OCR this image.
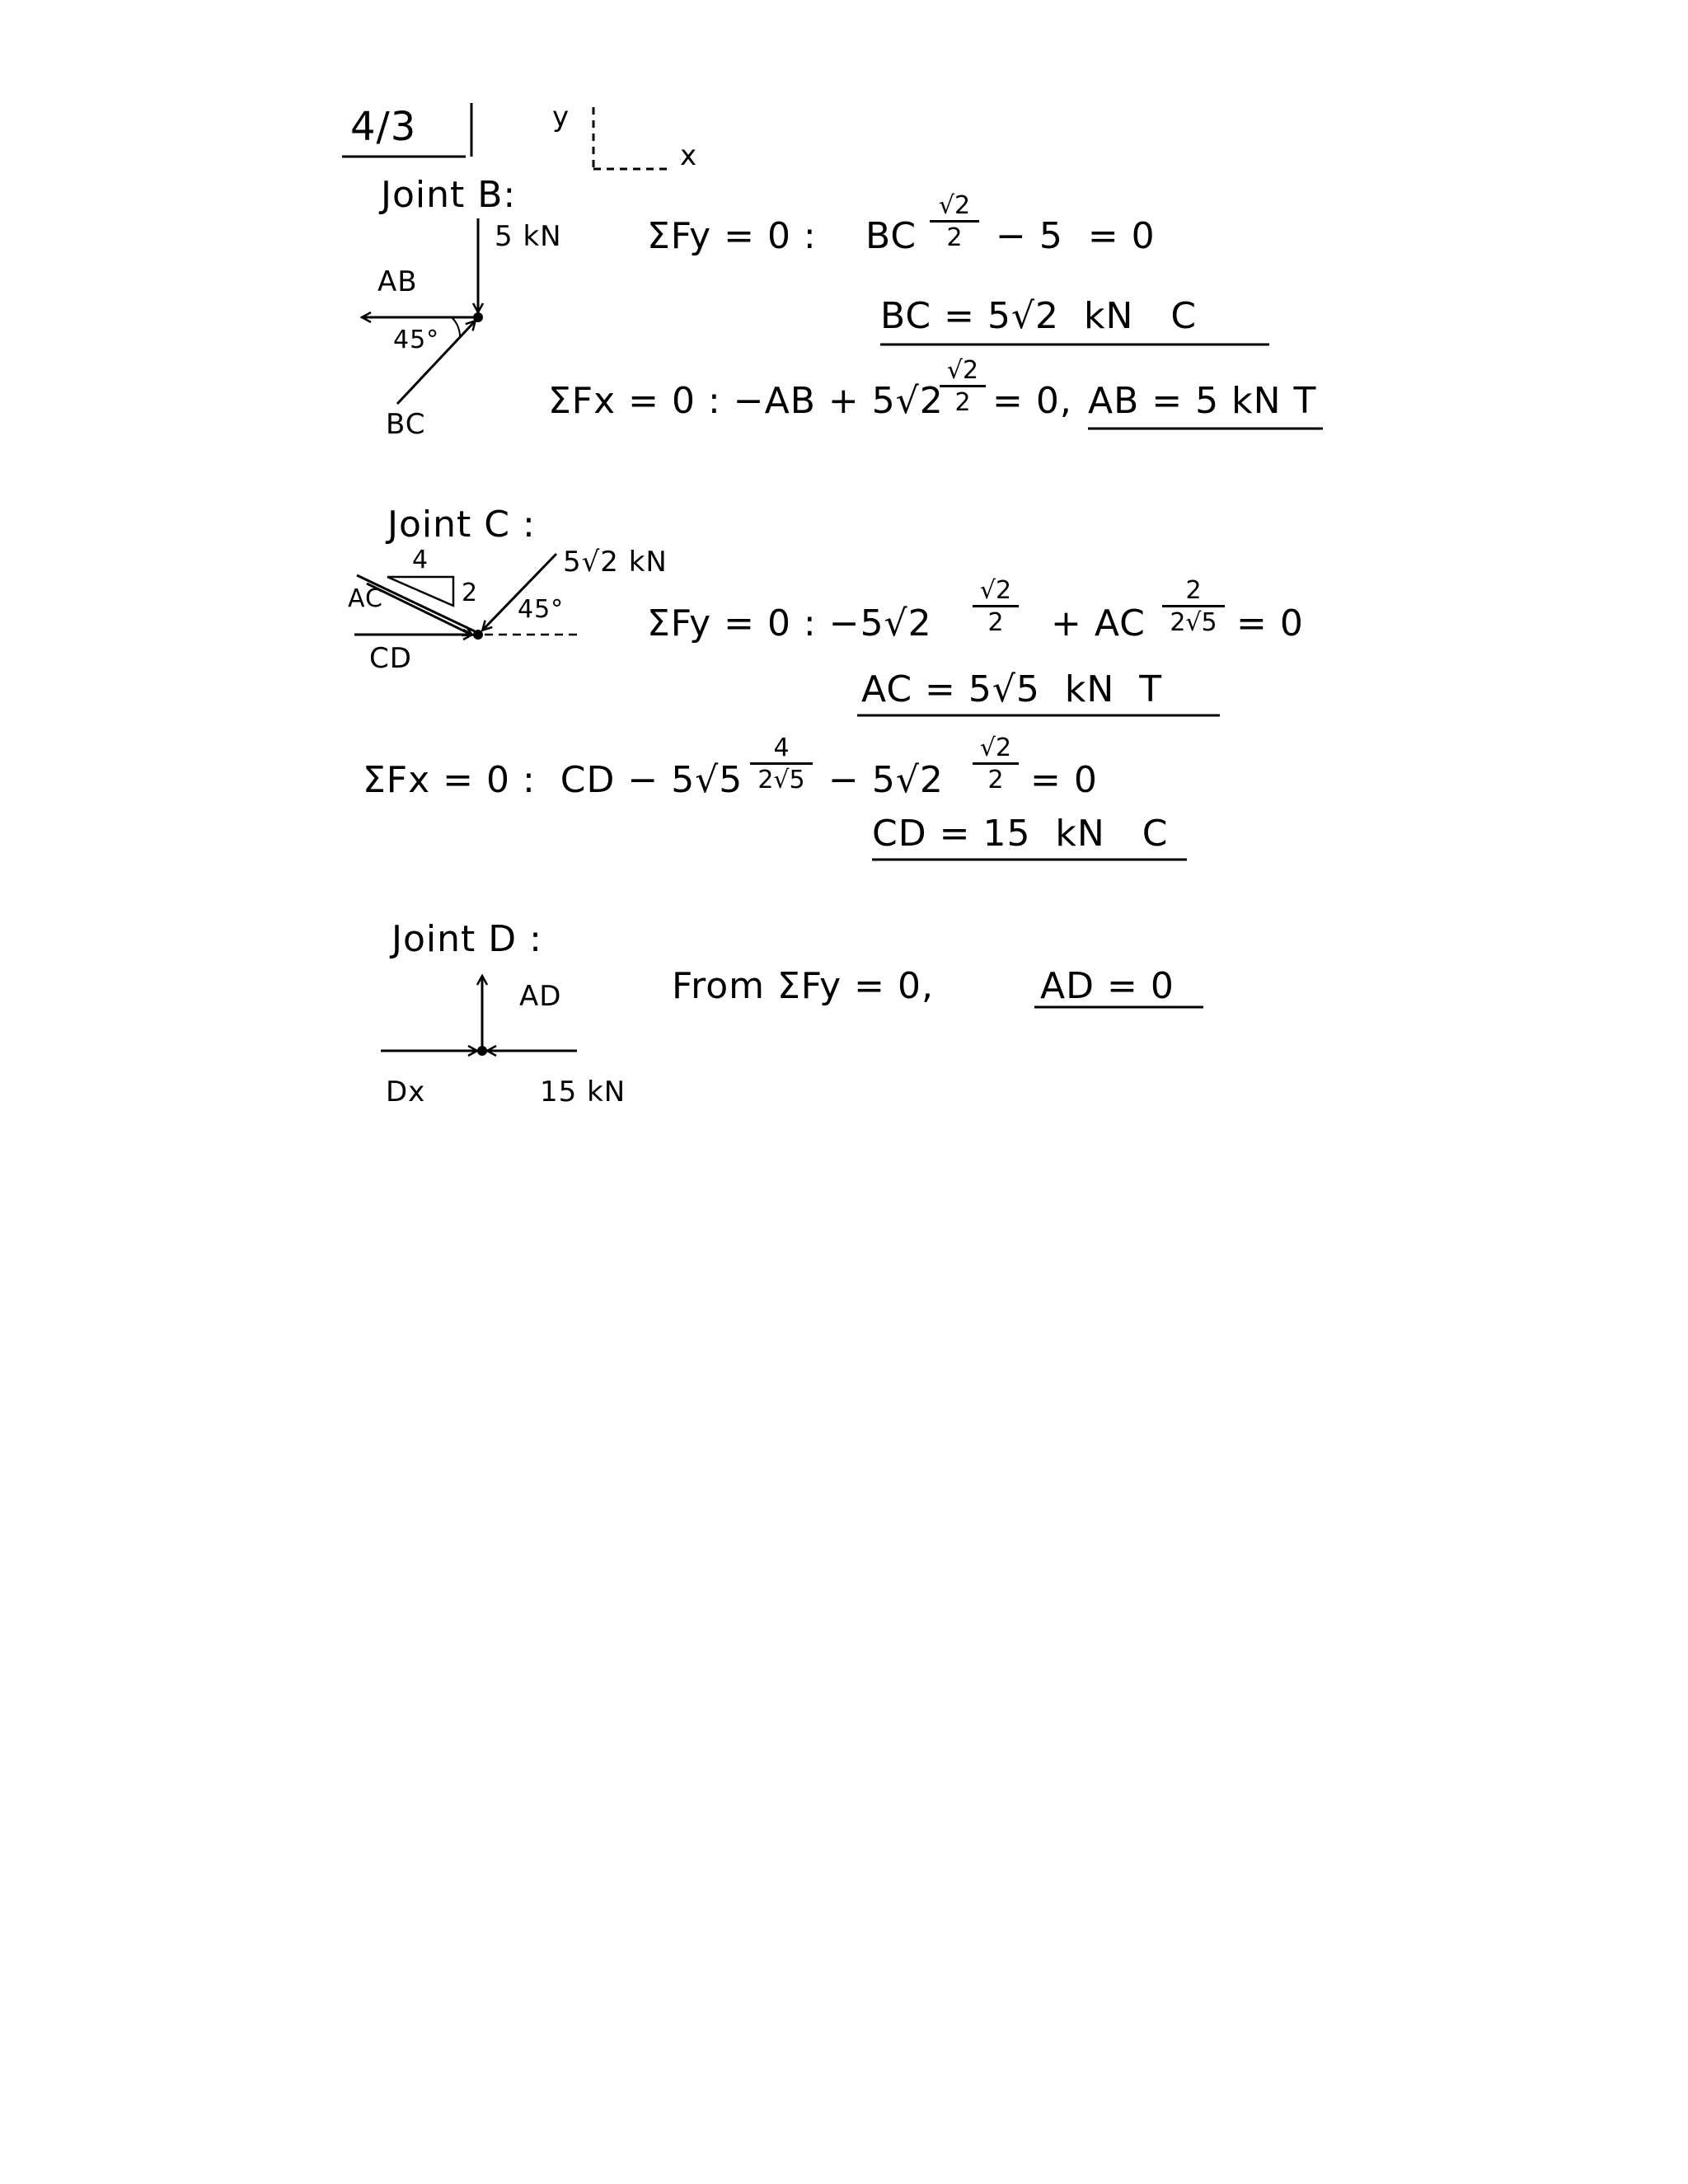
4/3	y
x
Joint B:
5 kN
AB
45°
BC
ΣFy = 0 : BC
√2
2 − 5  = 0
BC = 5√2  kN   C
ΣFx = 0 : −AB + 5√2
√2
2 = 0, AB = 5 kN T
Joint C :
4
2
AC
5√2 kN
45°
CD
ΣFy = 0 : −5√2
√2
2	+ AC
2
2√5 = 0
AC = 5√5  kN  T
ΣFx = 0 :  CD − 5√5
4
2√5 − 5√2
√2
2 = 0
CD = 15  kN   C
Joint D :
AD
Dx	15 kN
From ΣFy = 0,	AD = 0
